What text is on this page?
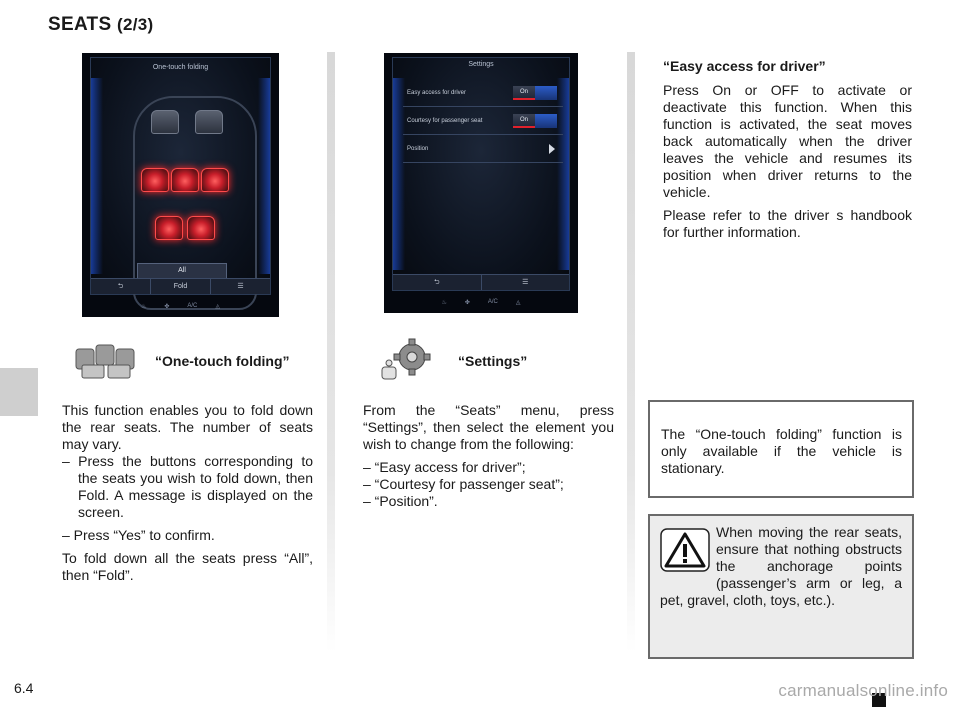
SEATS (2/3)
One-touch folding
All
⮌	Fold	☰
♨	✤	A/C	◬
Settings
Easy access for driver	On
Courtesy for passenger seat	On
Position
⮌	☰
♨	✤	A/C	◬
“One-touch folding”	“Settings”

This function enables you to fold down the rear seats. The number of seats may vary.

– Press the buttons corresponding to the seats you wish to fold down, then Fold. A message is displayed on the screen.

– Press “Yes” to confirm.

To fold down all the seats press “All”, then “Fold”.

From the “Seats” menu, press “Settings”, then select the element you wish to change from the following:

– “Easy access for driver”;

– “Courtesy for passenger seat”;

– “Position”.

“Easy access for driver”

Press On or OFF to activate or deactivate this function. When this function is activated, the seat moves back automatically when the driver leaves the vehicle and resumes its position when driver returns to the vehicle.

Please refer to the driver s handbook for further information.

The “One-touch folding” function is only available if the vehicle is stationary.
When moving the rear seats, ensure that nothing obstructs the anchorage points (passenger’s arm or leg, a pet, gravel, cloth, toys, etc.).
6.4	carmanualsonline.info
